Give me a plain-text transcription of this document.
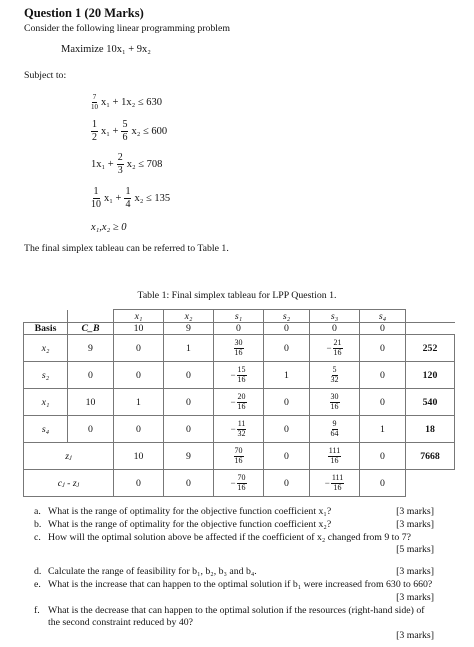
Question 1 (20 Marks)
Consider the following linear programming problem
Maximize 10x₁ + 9x₂
Subject to:
$\frac{7}{10} x_1 + 1x_2 \le 630$
$\frac{1}{2} x_1 + \frac{5}{6} x_2 \le 600$
$1x_1 + \frac{2}{3} x_2 \le 708$
$\frac{1}{10} x_1 + \frac{1}{4} x_2 \le 135$
x₁,x₂ ≥ 0
The final simplex tableau can be referred to Table 1.
Table 1: Final simplex tableau for LPP Question 1.
		x₁	x₂	s₁	s₂	s₃	s₄	
Basis	C_B	10	9	0	0	0	0	
x₂	9	0	1	$\frac{30}{16}$	0	− $\frac{21}{16}$	0	252
s₂	0	0	0	− $\frac{15}{16}$	1	$\frac{5}{32}$	0	120
x₁	10	1	0	− $\frac{20}{16}$	0	$\frac{30}{16}$	0	540
s₄	0	0	0	− $\frac{11}{32}$	0	$\frac{9}{64}$	1	18
zⱼ		10	9	$\frac{70}{16}$	0	$\frac{111}{16}$	0	7668
cⱼ - zⱼ		0	0	− $\frac{70}{16}$	0	− $\frac{111}{16}$	0	
a. What is the range of optimality for the objective function coefficient x₁?	[3 marks]
b. What is the range of optimality for the objective function coefficient x₂?	[3 marks]
c. How will the optimal solution above be affected if the coefficient of x₂ changed from 9 to 7?
[5 marks]
d. Calculate the range of feasibility for b₁, b₂, b₃ and b₄.	[3 marks]
e. What is the increase that can happen to the optimal solution if b₁ were increased from 630 to 660?
[3 marks]
f. What is the decrease that can happen to the optimal solution if the resources (right-hand side) of the second constraint reduced by 40?
[3 marks]
